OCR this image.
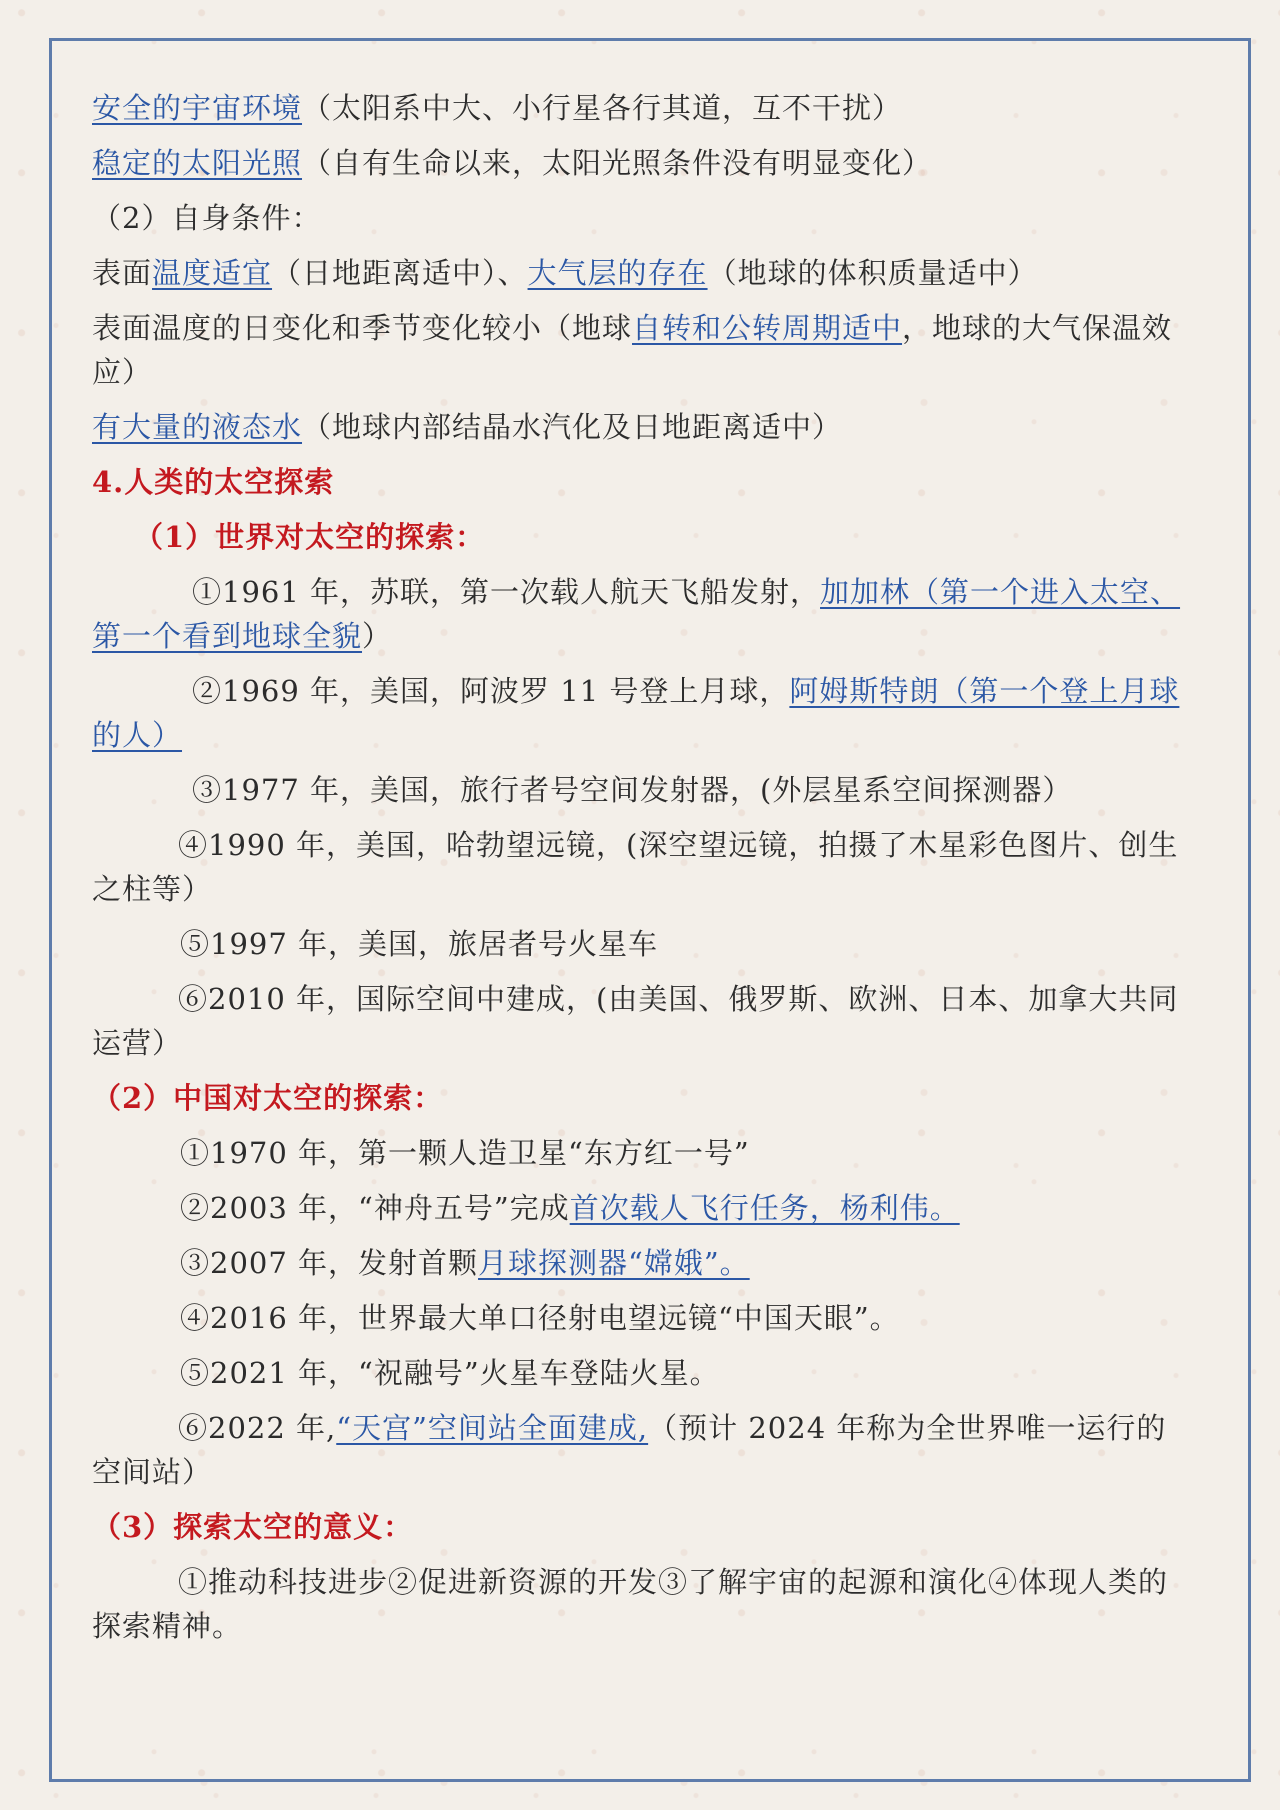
安全的宇宙环境（太阳系中大、小行星各行其道，互不干扰）

稳定的太阳光照（自有生命以来，太阳光照条件没有明显变化）

（2）自身条件：

表面温度适宜（日地距离适中）、大气层的存在（地球的体积质量适中）

表面温度的日变化和季节变化较小（地球自转和公转周期适中，地球的大气保温效应）

有大量的液态水（地球内部结晶水汽化及日地距离适中）

4.人类的太空探索

（1）世界对太空的探索：

①1961 年，苏联，第一次载人航天飞船发射，加加林（第一个进入太空、第一个看到地球全貌）

②1969 年，美国，阿波罗 11 号登上月球，阿姆斯特朗（第一个登上月球的人）

③1977 年，美国，旅行者号空间发射器，(外层星系空间探测器）

④1990 年，美国，哈勃望远镜，(深空望远镜，拍摄了木星彩色图片、创生之柱等）

⑤1997 年，美国，旅居者号火星车

⑥2010 年，国际空间中建成，(由美国、俄罗斯、欧洲、日本、加拿大共同运营）

（2）中国对太空的探索：

①1970 年，第一颗人造卫星“东方红一号”

②2003 年，“神舟五号”完成首次载人飞行任务，杨利伟。

③2007 年，发射首颗月球探测器“嫦娥”。

④2016 年，世界最大单口径射电望远镜“中国天眼”。

⑤2021 年，“祝融号”火星车登陆火星。

⑥2022 年,“天宫”空间站全面建成,（预计 2024 年称为全世界唯一运行的空间站）

（3）探索太空的意义：

①推动科技进步②促进新资源的开发③了解宇宙的起源和演化④体现人类的探索精神。
